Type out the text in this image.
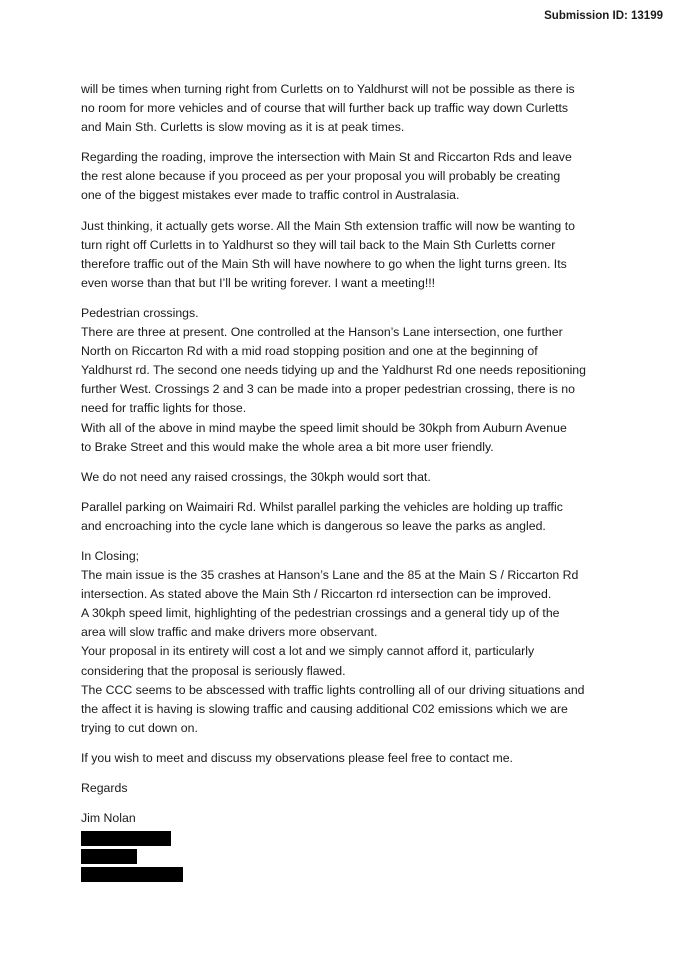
Submission ID: 13199

will be times when turning right from Curletts on to Yaldhurst will not be possible as there is
no room for more vehicles and of course that will further back up traffic way down Curletts
and Main Sth. Curletts is slow moving as it is at peak times.

Regarding the roading, improve the intersection with Main St and Riccarton Rds and leave
the rest alone because if you proceed as per your proposal you will probably be creating
one of the biggest mistakes ever made to traffic control in Australasia.

Just thinking, it actually gets worse. All the Main Sth extension traffic will now be wanting to
turn right off Curletts in to Yaldhurst so they will tail back to the Main Sth Curletts corner
therefore traffic out of the Main Sth will have nowhere to go when the light turns green. Its
even worse than that but I’ll be writing forever. I want a meeting!!!

Pedestrian crossings.
There are three at present. One controlled at the Hanson’s Lane intersection, one further
North on Riccarton Rd with a mid road stopping position and one at the beginning of
Yaldhurst rd. The second one needs tidying up and the Yaldhurst Rd one needs repositioning
further West. Crossings 2 and 3 can be made into a proper pedestrian crossing, there is no
need for traffic lights for those.
With all of the above in mind maybe the speed limit should be 30kph from Auburn Avenue
to Brake Street and this would make the whole area a bit more user friendly.

We do not need any raised crossings, the 30kph would sort that.

Parallel parking on Waimairi Rd. Whilst parallel parking the vehicles are holding up traffic
and encroaching into the cycle lane which is dangerous so leave the parks as angled.

In Closing;
The main issue is the 35 crashes at Hanson’s Lane and the 85 at the Main S / Riccarton Rd
intersection. As stated above the Main Sth / Riccarton rd intersection can be improved.
A 30kph speed limit, highlighting of the pedestrian crossings and a general tidy up of the
area will slow traffic and make drivers more observant.
Your proposal in its entirety will cost a lot and we simply cannot afford it, particularly
considering that the proposal is seriously flawed.
The CCC seems to be abscessed with traffic lights controlling all of our driving situations and
the affect it is having is slowing traffic and causing additional C02 emissions which we are
trying to cut down on.

If you wish to meet and discuss my observations please feel free to contact me.

Regards

Jim Nolan
